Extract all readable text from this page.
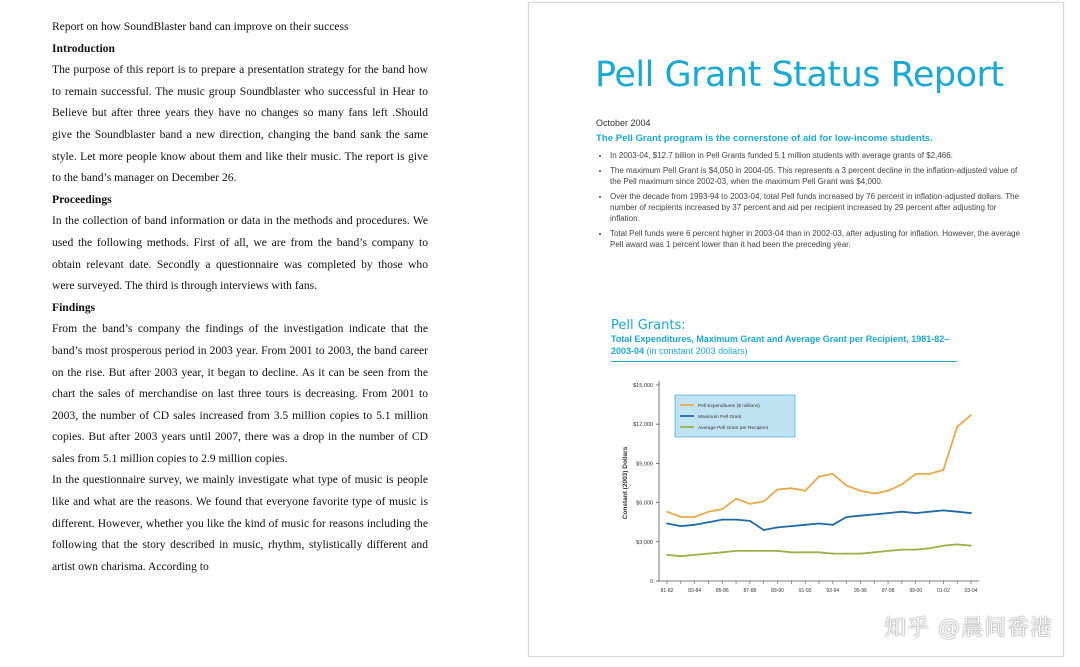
Report on how SoundBlaster band can improve on their success
Introduction

The purpose of this report is to prepare a presentation strategy for the band how to remain successful. The music group Soundblaster who successful in Hear to Believe but after three years they have no changes so many fans left .Should give the Soundblaster band a new direction, changing the band sank the same style. Let more people know about them and like their music. The report is give to the band’s manager on December 26.

Proceedings

In the collection of band information or data in the methods and procedures. We used the following methods. First of all, we are from the band’s company to obtain relevant date. Secondly a questionnaire was completed by those who were surveyed. The third is through interviews with fans.

Findings

From the band’s company the findings of the investigation indicate that the band’s most prosperous period in 2003 year. From 2001 to 2003, the band career on the rise. But after 2003 year, it began to decline. As it can be seen from the chart the sales of merchandise on last three tours is decreasing. From 2001 to 2003, the number of CD sales increased from 3.5 million copies to 5.1 million copies. But after 2003 years until 2007, there was a drop in the number of CD sales from 5.1 million copies to 2.9 million copies.

In the questionnaire survey, we mainly investigate what type of music is people like and what are the reasons. We found that everyone favorite type of music is different. However, whether you like the kind of music for reasons including the following that the story described in music, rhythm, stylistically different and artist own charisma. According to

Pell Grant Status Report
October 2004
The Pell Grant program is the cornerstone of aid for low-income students.
• In 2003-04, $12.7 billion in Pell Grants funded 5.1 million students with average grants of $2,466.
• The maximum Pell Grant is $4,050 in 2004-05. This represents a 3 percent decline in the inflation-adjusted value of the Pell maximum since 2002-03, when the maximum Pell Grant was $4,000.
• Over the decade from 1993-94 to 2003-04, total Pell funds increased by 76 percent in inflation-adjusted dollars. The number of recipients increased by 37 percent and aid per recipient increased by 29 percent after adjusting for inflation.
• Total Pell funds were 6 percent higher in 2003-04 than in 2002-03, after adjusting for inflation. However, the average Pell award was 1 percent lower than it had been the preceding year.
Pell Grants:
Total Expenditures, Maximum Grant and Average Grant per Recipient, 1981-82–2003-04 (in constant 2003 dollars)
0
$3,000
$6,000
$9,000
$12,000
$15,000
Constant (2003) Dollars
81-82	83-84	85-86	87-88	89-90	91-92	93-94	95-96	97-98	99-00	01-02	03-04
Pell Expenditures ($ millions)
Maximum Pell Grant
Average Pell Grant per Recipient
知乎 @晨间香港
